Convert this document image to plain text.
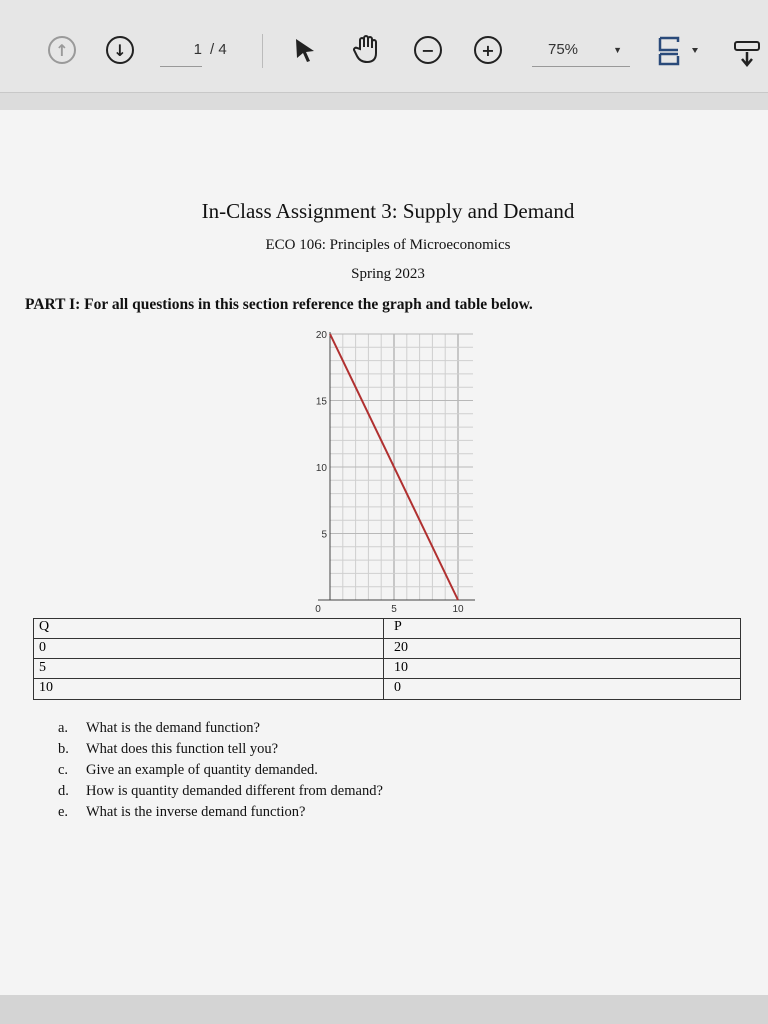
↑	↓	1 / 4	−	+	75%	▼
In-Class Assignment 3: Supply and Demand
ECO 106: Principles of Microeconomics
Spring 2023
PART I: For all questions in this section reference the graph and table below.
20
15
10
5
0	5	10
Q	P
0	20
5	10
10	0
a.	What is the demand function?
b.	What does this function tell you?
c.	Give an example of quantity demanded.
d.	How is quantity demanded different from demand?
e.	What is the inverse demand function?
